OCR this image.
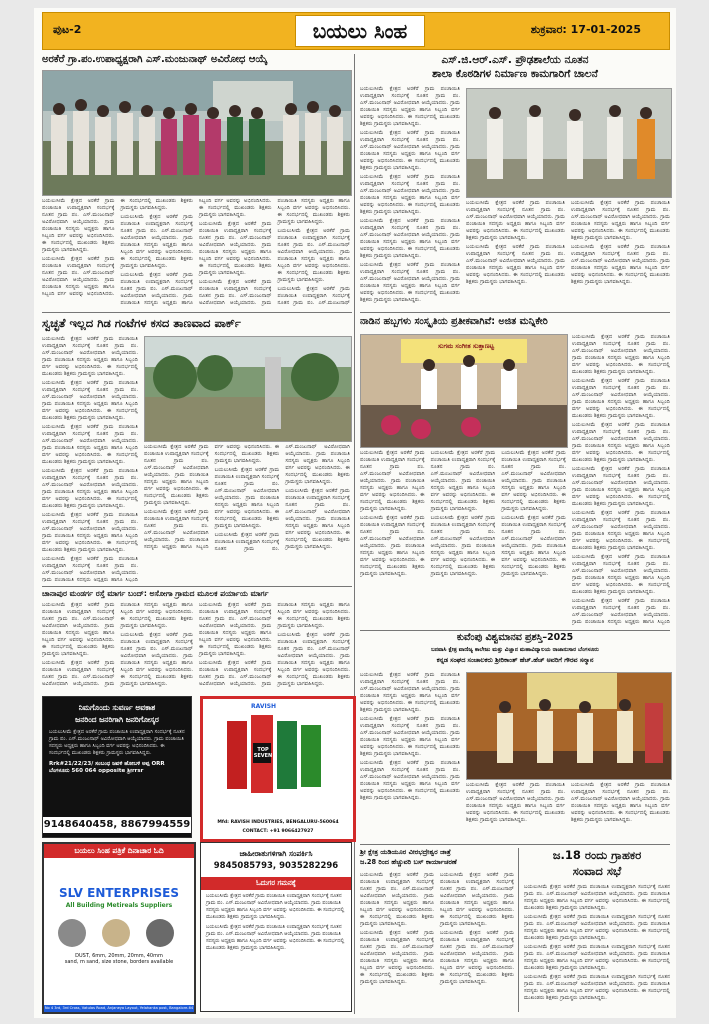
ಪುಟ-2	ಬಯಲು ಸಿಂಹ	ಶುಕ್ರವಾರ: 17-01-2025
ಅರಕೆರೆ ಗ್ರಾ.ಪಂ.ಉಪಾಧ್ಯಕ್ಷರಾಗಿ ಎಸ್.ಮಂಜುನಾಥ್ ಅವಿರೋಧ ಆಯ್ಕೆ

ಬಯಲುಸೀಮೆ ಕ್ಷೇತ್ರದ ಅರಕೆರೆ ಗ್ರಾಮ ಪಂಚಾಯಿತಿ ಉಪಾಧ್ಯಕ್ಷರಾಗಿ ಸಂದರ್ಭಕ್ಕೆ ನೂತನ ಗ್ರಾಮ ಪಂ. ಎಸ್.ಮಂಜುನಾಥ್ ಅವಿರೋಧವಾಗಿ ಆಯ್ಕೆಯಾದರು. ಗ್ರಾಮ ಪಂಚಾಯಿತಿ ಸದಸ್ಯರು ಅಧ್ಯಕ್ಷರು ಹಾಗೂ ಸಿಬ್ಬಂದಿ ವರ್ಗ ಅವರನ್ನು ಅಭಿನಂದಿಸಿದರು. ಈ ಸಂದರ್ಭದಲ್ಲಿ ಮುಖಂಡರು ಶಿಕ್ಷಕರು ಗ್ರಾಮಸ್ಥರು ಭಾಗವಹಿಸಿದ್ದರು.

ಬಯಲುಸೀಮೆ ಕ್ಷೇತ್ರದ ಅರಕೆರೆ ಗ್ರಾಮ ಪಂಚಾಯಿತಿ ಉಪಾಧ್ಯಕ್ಷರಾಗಿ ಸಂದರ್ಭಕ್ಕೆ ನೂತನ ಗ್ರಾಮ ಪಂ. ಎಸ್.ಮಂಜುನಾಥ್ ಅವಿರೋಧವಾಗಿ ಆಯ್ಕೆಯಾದರು. ಗ್ರಾಮ ಪಂಚಾಯಿತಿ ಸದಸ್ಯರು ಅಧ್ಯಕ್ಷರು ಹಾಗೂ ಸಿಬ್ಬಂದಿ ವರ್ಗ ಅವರನ್ನು ಅಭಿನಂದಿಸಿದರು. ಈ ಸಂದರ್ಭದಲ್ಲಿ ಮುಖಂಡರು ಶಿಕ್ಷಕರು ಗ್ರಾಮಸ್ಥರು ಭಾಗವಹಿಸಿದ್ದರು.

ಬಯಲುಸೀಮೆ ಕ್ಷೇತ್ರದ ಅರಕೆರೆ ಗ್ರಾಮ ಪಂಚಾಯಿತಿ ಉಪಾಧ್ಯಕ್ಷರಾಗಿ ಸಂದರ್ಭಕ್ಕೆ ನೂತನ ಗ್ರಾಮ ಪಂ. ಎಸ್.ಮಂಜುನಾಥ್ ಅವಿರೋಧವಾಗಿ ಆಯ್ಕೆಯಾದರು. ಗ್ರಾಮ ಪಂಚಾಯಿತಿ ಸದಸ್ಯರು ಅಧ್ಯಕ್ಷರು ಹಾಗೂ ಸಿಬ್ಬಂದಿ ವರ್ಗ ಅವರನ್ನು ಅಭಿನಂದಿಸಿದರು. ಈ ಸಂದರ್ಭದಲ್ಲಿ ಮುಖಂಡರು ಶಿಕ್ಷಕರು ಗ್ರಾಮಸ್ಥರು ಭಾಗವಹಿಸಿದ್ದರು.

ಬಯಲುಸೀಮೆ ಕ್ಷೇತ್ರದ ಅರಕೆರೆ ಗ್ರಾಮ ಪಂಚಾಯಿತಿ ಉಪಾಧ್ಯಕ್ಷರಾಗಿ ಸಂದರ್ಭಕ್ಕೆ ನೂತನ ಗ್ರಾಮ ಪಂ. ಎಸ್.ಮಂಜುನಾಥ್ ಅವಿರೋಧವಾಗಿ ಆಯ್ಕೆಯಾದರು. ಗ್ರಾಮ ಪಂಚಾಯಿತಿ ಸದಸ್ಯರು ಅಧ್ಯಕ್ಷರು ಹಾಗೂ ಸಿಬ್ಬಂದಿ ವರ್ಗ ಅವರನ್ನು ಅಭಿನಂದಿಸಿದರು. ಈ ಸಂದರ್ಭದಲ್ಲಿ ಮುಖಂಡರು ಶಿಕ್ಷಕರು ಗ್ರಾಮಸ್ಥರು ಭಾಗವಹಿಸಿದ್ದರು.

ಬಯಲುಸೀಮೆ ಕ್ಷೇತ್ರದ ಅರಕೆರೆ ಗ್ರಾಮ ಪಂಚಾಯಿತಿ ಉಪಾಧ್ಯಕ್ಷರಾಗಿ ಸಂದರ್ಭಕ್ಕೆ ನೂತನ ಗ್ರಾಮ ಪಂ. ಎಸ್.ಮಂಜುನಾಥ್ ಅವಿರೋಧವಾಗಿ ಆಯ್ಕೆಯಾದರು. ಗ್ರಾಮ ಪಂಚಾಯಿತಿ ಸದಸ್ಯರು ಅಧ್ಯಕ್ಷರು ಹಾಗೂ ಸಿಬ್ಬಂದಿ ವರ್ಗ ಅವರನ್ನು ಅಭಿನಂದಿಸಿದರು. ಈ ಸಂದರ್ಭದಲ್ಲಿ ಮುಖಂಡರು ಶಿಕ್ಷಕರು ಗ್ರಾಮಸ್ಥರು ಭಾಗವಹಿಸಿದ್ದರು.

ಬಯಲುಸೀಮೆ ಕ್ಷೇತ್ರದ ಅರಕೆರೆ ಗ್ರಾಮ ಪಂಚಾಯಿತಿ ಉಪಾಧ್ಯಕ್ಷರಾಗಿ ಸಂದರ್ಭಕ್ಕೆ ನೂತನ ಗ್ರಾಮ ಪಂ. ಎಸ್.ಮಂಜುನಾಥ್ ಅವಿರೋಧವಾಗಿ ಆಯ್ಕೆಯಾದರು. ಗ್ರಾಮ ಪಂಚಾಯಿತಿ ಸದಸ್ಯರು ಅಧ್ಯಕ್ಷರು ಹಾಗೂ ಸಿಬ್ಬಂದಿ ವರ್ಗ ಅವರನ್ನು ಅಭಿನಂದಿಸಿದರು. ಈ ಸಂದರ್ಭದಲ್ಲಿ ಮುಖಂಡರು ಶಿಕ್ಷಕರು ಗ್ರಾಮಸ್ಥರು ಭಾಗವಹಿಸಿದ್ದರು.

ಬಯಲುಸೀಮೆ ಕ್ಷೇತ್ರದ ಅರಕೆರೆ ಗ್ರಾಮ ಪಂಚಾಯಿತಿ ಉಪಾಧ್ಯಕ್ಷರಾಗಿ ಸಂದರ್ಭಕ್ಕೆ ನೂತನ ಗ್ರಾಮ ಪಂ. ಎಸ್.ಮಂಜುನಾಥ್ ಅವಿರೋಧವಾಗಿ ಆಯ್ಕೆಯಾದರು. ಗ್ರಾಮ ಪಂಚಾಯಿತಿ ಸದಸ್ಯರು ಅಧ್ಯಕ್ಷರು ಹಾಗೂ ಸಿಬ್ಬಂದಿ ವರ್ಗ ಅವರನ್ನು ಅಭಿನಂದಿಸಿದರು. ಈ ಸಂದರ್ಭದಲ್ಲಿ ಮುಖಂಡರು ಶಿಕ್ಷಕರು ಗ್ರಾಮಸ್ಥರು ಭಾಗವಹಿಸಿದ್ದರು.

ಬಯಲುಸೀಮೆ ಕ್ಷೇತ್ರದ ಅರಕೆರೆ ಗ್ರಾಮ ಪಂಚಾಯಿತಿ ಉಪಾಧ್ಯಕ್ಷರಾಗಿ ಸಂದರ್ಭಕ್ಕೆ ನೂತನ ಗ್ರಾಮ ಪಂ. ಎಸ್.ಮಂಜುನಾಥ್

ಸ್ವಚ್ಛತೆ ಇಲ್ಲದ ಗಿಡ ಗಂಟೆಗಳ ಕಸದ ತಾಣವಾದ ಪಾರ್ಕ್

ಬಯಲುಸೀಮೆ ಕ್ಷೇತ್ರದ ಅರಕೆರೆ ಗ್ರಾಮ ಪಂಚಾಯಿತಿ ಉಪಾಧ್ಯಕ್ಷರಾಗಿ ಸಂದರ್ಭಕ್ಕೆ ನೂತನ ಗ್ರಾಮ ಪಂ. ಎಸ್.ಮಂಜುನಾಥ್ ಅವಿರೋಧವಾಗಿ ಆಯ್ಕೆಯಾದರು. ಗ್ರಾಮ ಪಂಚಾಯಿತಿ ಸದಸ್ಯರು ಅಧ್ಯಕ್ಷರು ಹಾಗೂ ಸಿಬ್ಬಂದಿ ವರ್ಗ ಅವರನ್ನು ಅಭಿನಂದಿಸಿದರು. ಈ ಸಂದರ್ಭದಲ್ಲಿ ಮುಖಂಡರು ಶಿಕ್ಷಕರು ಗ್ರಾಮಸ್ಥರು ಭಾಗವಹಿಸಿದ್ದರು.

ಬಯಲುಸೀಮೆ ಕ್ಷೇತ್ರದ ಅರಕೆರೆ ಗ್ರಾಮ ಪಂಚಾಯಿತಿ ಉಪಾಧ್ಯಕ್ಷರಾಗಿ ಸಂದರ್ಭಕ್ಕೆ ನೂತನ ಗ್ರಾಮ ಪಂ. ಎಸ್.ಮಂಜುನಾಥ್ ಅವಿರೋಧವಾಗಿ ಆಯ್ಕೆಯಾದರು. ಗ್ರಾಮ ಪಂಚಾಯಿತಿ ಸದಸ್ಯರು ಅಧ್ಯಕ್ಷರು ಹಾಗೂ ಸಿಬ್ಬಂದಿ ವರ್ಗ ಅವರನ್ನು ಅಭಿನಂದಿಸಿದರು. ಈ ಸಂದರ್ಭದಲ್ಲಿ ಮುಖಂಡರು ಶಿಕ್ಷಕರು ಗ್ರಾಮಸ್ಥರು ಭಾಗವಹಿಸಿದ್ದರು.

ಬಯಲುಸೀಮೆ ಕ್ಷೇತ್ರದ ಅರಕೆರೆ ಗ್ರಾಮ ಪಂಚಾಯಿತಿ ಉಪಾಧ್ಯಕ್ಷರಾಗಿ ಸಂದರ್ಭಕ್ಕೆ ನೂತನ ಗ್ರಾಮ ಪಂ. ಎಸ್.ಮಂಜುನಾಥ್ ಅವಿರೋಧವಾಗಿ ಆಯ್ಕೆಯಾದರು. ಗ್ರಾಮ ಪಂಚಾಯಿತಿ ಸದಸ್ಯರು ಅಧ್ಯಕ್ಷರು ಹಾಗೂ ಸಿಬ್ಬಂದಿ ವರ್ಗ ಅವರನ್ನು ಅಭಿನಂದಿಸಿದರು. ಈ ಸಂದರ್ಭದಲ್ಲಿ ಮುಖಂಡರು ಶಿಕ್ಷಕರು ಗ್ರಾಮಸ್ಥರು ಭಾಗವಹಿಸಿದ್ದರು.

ಬಯಲುಸೀಮೆ ಕ್ಷೇತ್ರದ ಅರಕೆರೆ ಗ್ರಾಮ ಪಂಚಾಯಿತಿ ಉಪಾಧ್ಯಕ್ಷರಾಗಿ ಸಂದರ್ಭಕ್ಕೆ ನೂತನ ಗ್ರಾಮ ಪಂ. ಎಸ್.ಮಂಜುನಾಥ್ ಅವಿರೋಧವಾಗಿ ಆಯ್ಕೆಯಾದರು. ಗ್ರಾಮ ಪಂಚಾಯಿತಿ ಸದಸ್ಯರು ಅಧ್ಯಕ್ಷರು ಹಾಗೂ ಸಿಬ್ಬಂದಿ ವರ್ಗ ಅವರನ್ನು ಅಭಿನಂದಿಸಿದರು. ಈ ಸಂದರ್ಭದಲ್ಲಿ ಮುಖಂಡರು ಶಿಕ್ಷಕರು ಗ್ರಾಮಸ್ಥರು ಭಾಗವಹಿಸಿದ್ದರು.

ಬಯಲುಸೀಮೆ ಕ್ಷೇತ್ರದ ಅರಕೆರೆ ಗ್ರಾಮ ಪಂಚಾಯಿತಿ ಉಪಾಧ್ಯಕ್ಷರಾಗಿ ಸಂದರ್ಭಕ್ಕೆ ನೂತನ ಗ್ರಾಮ ಪಂ. ಎಸ್.ಮಂಜುನಾಥ್ ಅವಿರೋಧವಾಗಿ ಆಯ್ಕೆಯಾದರು. ಗ್ರಾಮ ಪಂಚಾಯಿತಿ ಸದಸ್ಯರು ಅಧ್ಯಕ್ಷರು ಹಾಗೂ ಸಿಬ್ಬಂದಿ ವರ್ಗ ಅವರನ್ನು ಅಭಿನಂದಿಸಿದರು. ಈ ಸಂದರ್ಭದಲ್ಲಿ ಮುಖಂಡರು ಶಿಕ್ಷಕರು ಗ್ರಾಮಸ್ಥರು ಭಾಗವಹಿಸಿದ್ದರು.

ಬಯಲುಸೀಮೆ ಕ್ಷೇತ್ರದ ಅರಕೆರೆ ಗ್ರಾಮ ಪಂಚಾಯಿತಿ ಉಪಾಧ್ಯಕ್ಷರಾಗಿ ಸಂದರ್ಭಕ್ಕೆ ನೂತನ ಗ್ರಾಮ ಪಂ. ಎಸ್.ಮಂಜುನಾಥ್ ಅವಿರೋಧವಾಗಿ ಆಯ್ಕೆಯಾದರು. ಗ್ರಾಮ ಪಂಚಾಯಿತಿ ಸದಸ್ಯರು ಅಧ್ಯಕ್ಷರು ಹಾಗೂ ಸಿಬ್ಬಂದಿ

ಬಯಲುಸೀಮೆ ಕ್ಷೇತ್ರದ ಅರಕೆರೆ ಗ್ರಾಮ ಪಂಚಾಯಿತಿ ಉಪಾಧ್ಯಕ್ಷರಾಗಿ ಸಂದರ್ಭಕ್ಕೆ ನೂತನ ಗ್ರಾಮ ಪಂ. ಎಸ್.ಮಂಜುನಾಥ್ ಅವಿರೋಧವಾಗಿ ಆಯ್ಕೆಯಾದರು. ಗ್ರಾಮ ಪಂಚಾಯಿತಿ ಸದಸ್ಯರು ಅಧ್ಯಕ್ಷರು ಹಾಗೂ ಸಿಬ್ಬಂದಿ ವರ್ಗ ಅವರನ್ನು ಅಭಿನಂದಿಸಿದರು. ಈ ಸಂದರ್ಭದಲ್ಲಿ ಮುಖಂಡರು ಶಿಕ್ಷಕರು ಗ್ರಾಮಸ್ಥರು ಭಾಗವಹಿಸಿದ್ದರು.

ಬಯಲುಸೀಮೆ ಕ್ಷೇತ್ರದ ಅರಕೆರೆ ಗ್ರಾಮ ಪಂಚಾಯಿತಿ ಉಪಾಧ್ಯಕ್ಷರಾಗಿ ಸಂದರ್ಭಕ್ಕೆ ನೂತನ ಗ್ರಾಮ ಪಂ. ಎಸ್.ಮಂಜುನಾಥ್ ಅವಿರೋಧವಾಗಿ ಆಯ್ಕೆಯಾದರು. ಗ್ರಾಮ ಪಂಚಾಯಿತಿ ಸದಸ್ಯರು ಅಧ್ಯಕ್ಷರು ಹಾಗೂ ಸಿಬ್ಬಂದಿ ವರ್ಗ ಅವರನ್ನು ಅಭಿನಂದಿಸಿದರು. ಈ ಸಂದರ್ಭದಲ್ಲಿ ಮುಖಂಡರು ಶಿಕ್ಷಕರು ಗ್ರಾಮಸ್ಥರು ಭಾಗವಹಿಸಿದ್ದರು.

ಬಯಲುಸೀಮೆ ಕ್ಷೇತ್ರದ ಅರಕೆರೆ ಗ್ರಾಮ ಪಂಚಾಯಿತಿ ಉಪಾಧ್ಯಕ್ಷರಾಗಿ ಸಂದರ್ಭಕ್ಕೆ ನೂತನ ಗ್ರಾಮ ಪಂ. ಎಸ್.ಮಂಜುನಾಥ್ ಅವಿರೋಧವಾಗಿ ಆಯ್ಕೆಯಾದರು. ಗ್ರಾಮ ಪಂಚಾಯಿತಿ ಸದಸ್ಯರು ಅಧ್ಯಕ್ಷರು ಹಾಗೂ ಸಿಬ್ಬಂದಿ ವರ್ಗ ಅವರನ್ನು ಅಭಿನಂದಿಸಿದರು. ಈ ಸಂದರ್ಭದಲ್ಲಿ ಮುಖಂಡರು ಶಿಕ್ಷಕರು ಗ್ರಾಮಸ್ಥರು ಭಾಗವಹಿಸಿದ್ದರು.

ಬಯಲುಸೀಮೆ ಕ್ಷೇತ್ರದ ಅರಕೆರೆ ಗ್ರಾಮ ಪಂಚಾಯಿತಿ ಉಪಾಧ್ಯಕ್ಷರಾಗಿ ಸಂದರ್ಭಕ್ಕೆ ನೂತನ ಗ್ರಾಮ ಪಂ. ಎಸ್.ಮಂಜುನಾಥ್ ಅವಿರೋಧವಾಗಿ ಆಯ್ಕೆಯಾದರು. ಗ್ರಾಮ ಪಂಚಾಯಿತಿ ಸದಸ್ಯರು ಅಧ್ಯಕ್ಷರು ಹಾಗೂ ಸಿಬ್ಬಂದಿ ವರ್ಗ ಅವರನ್ನು ಅಭಿನಂದಿಸಿದರು. ಈ ಸಂದರ್ಭದಲ್ಲಿ ಮುಖಂಡರು ಶಿಕ್ಷಕರು ಗ್ರಾಮಸ್ಥರು ಭಾಗವಹಿಸಿದ್ದರು.

ಬಯಲುಸೀಮೆ ಕ್ಷೇತ್ರದ ಅರಕೆರೆ ಗ್ರಾಮ ಪಂಚಾಯಿತಿ ಉಪಾಧ್ಯಕ್ಷರಾಗಿ ಸಂದರ್ಭಕ್ಕೆ ನೂತನ ಗ್ರಾಮ ಪಂ. ಎಸ್.ಮಂಜುನಾಥ್ ಅವಿರೋಧವಾಗಿ ಆಯ್ಕೆಯಾದರು. ಗ್ರಾಮ ಪಂಚಾಯಿತಿ ಸದಸ್ಯರು ಅಧ್ಯಕ್ಷರು ಹಾಗೂ ಸಿಬ್ಬಂದಿ ವರ್ಗ ಅವರನ್ನು ಅಭಿನಂದಿಸಿದರು. ಈ ಸಂದರ್ಭದಲ್ಲಿ ಮುಖಂಡರು ಶಿಕ್ಷಕರು ಗ್ರಾಮಸ್ಥರು ಭಾಗವಹಿಸಿದ್ದರು.

ಚಾನಾಪುರ ಮಂಡರ್ಗ ರಸ್ತೆ ಮಾರ್ಗ ಬಂದ್: ಅಸೋಗಾ ಗ್ರಾಮದ ಮೂಲಕ ಪರ್ಯಾಯ ಮಾರ್ಗ

ಬಯಲುಸೀಮೆ ಕ್ಷೇತ್ರದ ಅರಕೆರೆ ಗ್ರಾಮ ಪಂಚಾಯಿತಿ ಉಪಾಧ್ಯಕ್ಷರಾಗಿ ಸಂದರ್ಭಕ್ಕೆ ನೂತನ ಗ್ರಾಮ ಪಂ. ಎಸ್.ಮಂಜುನಾಥ್ ಅವಿರೋಧವಾಗಿ ಆಯ್ಕೆಯಾದರು. ಗ್ರಾಮ ಪಂಚಾಯಿತಿ ಸದಸ್ಯರು ಅಧ್ಯಕ್ಷರು ಹಾಗೂ ಸಿಬ್ಬಂದಿ ವರ್ಗ ಅವರನ್ನು ಅಭಿನಂದಿಸಿದರು. ಈ ಸಂದರ್ಭದಲ್ಲಿ ಮುಖಂಡರು ಶಿಕ್ಷಕರು ಗ್ರಾಮಸ್ಥರು ಭಾಗವಹಿಸಿದ್ದರು.

ಬಯಲುಸೀಮೆ ಕ್ಷೇತ್ರದ ಅರಕೆರೆ ಗ್ರಾಮ ಪಂಚಾಯಿತಿ ಉಪಾಧ್ಯಕ್ಷರಾಗಿ ಸಂದರ್ಭಕ್ಕೆ ನೂತನ ಗ್ರಾಮ ಪಂ. ಎಸ್.ಮಂಜುನಾಥ್ ಅವಿರೋಧವಾಗಿ ಆಯ್ಕೆಯಾದರು. ಗ್ರಾಮ ಪಂಚಾಯಿತಿ ಸದಸ್ಯರು ಅಧ್ಯಕ್ಷರು ಹಾಗೂ ಸಿಬ್ಬಂದಿ ವರ್ಗ ಅವರನ್ನು ಅಭಿನಂದಿಸಿದರು. ಈ ಸಂದರ್ಭದಲ್ಲಿ ಮುಖಂಡರು ಶಿಕ್ಷಕರು ಗ್ರಾಮಸ್ಥರು ಭಾಗವಹಿಸಿದ್ದರು.

ಬಯಲುಸೀಮೆ ಕ್ಷೇತ್ರದ ಅರಕೆರೆ ಗ್ರಾಮ ಪಂಚಾಯಿತಿ ಉಪಾಧ್ಯಕ್ಷರಾಗಿ ಸಂದರ್ಭಕ್ಕೆ ನೂತನ ಗ್ರಾಮ ಪಂ. ಎಸ್.ಮಂಜುನಾಥ್ ಅವಿರೋಧವಾಗಿ ಆಯ್ಕೆಯಾದರು. ಗ್ರಾಮ ಪಂಚಾಯಿತಿ ಸದಸ್ಯರು ಅಧ್ಯಕ್ಷರು ಹಾಗೂ ಸಿಬ್ಬಂದಿ ವರ್ಗ ಅವರನ್ನು ಅಭಿನಂದಿಸಿದರು. ಈ ಸಂದರ್ಭದಲ್ಲಿ ಮುಖಂಡರು ಶಿಕ್ಷಕರು ಗ್ರಾಮಸ್ಥರು ಭಾಗವಹಿಸಿದ್ದರು.

ಬಯಲುಸೀಮೆ ಕ್ಷೇತ್ರದ ಅರಕೆರೆ ಗ್ರಾಮ ಪಂಚಾಯಿತಿ ಉಪಾಧ್ಯಕ್ಷರಾಗಿ ಸಂದರ್ಭಕ್ಕೆ ನೂತನ ಗ್ರಾಮ ಪಂ. ಎಸ್.ಮಂಜುನಾಥ್ ಅವಿರೋಧವಾಗಿ ಆಯ್ಕೆಯಾದರು. ಗ್ರಾಮ ಪಂಚಾಯಿತಿ ಸದಸ್ಯರು ಅಧ್ಯಕ್ಷರು ಹಾಗೂ ಸಿಬ್ಬಂದಿ ವರ್ಗ ಅವರನ್ನು ಅಭಿನಂದಿಸಿದರು. ಈ ಸಂದರ್ಭದಲ್ಲಿ ಮುಖಂಡರು ಶಿಕ್ಷಕರು ಗ್ರಾಮಸ್ಥರು ಭಾಗವಹಿಸಿದ್ದರು.

ಬಯಲುಸೀಮೆ ಕ್ಷೇತ್ರದ ಅರಕೆರೆ ಗ್ರಾಮ ಪಂಚಾಯಿತಿ ಉಪಾಧ್ಯಕ್ಷರಾಗಿ ಸಂದರ್ಭಕ್ಕೆ ನೂತನ ಗ್ರಾಮ ಪಂ. ಎಸ್.ಮಂಜುನಾಥ್ ಅವಿರೋಧವಾಗಿ ಆಯ್ಕೆಯಾದರು. ಗ್ರಾಮ ಪಂಚಾಯಿತಿ ಸದಸ್ಯರು ಅಧ್ಯಕ್ಷರು ಹಾಗೂ ಸಿಬ್ಬಂದಿ ವರ್ಗ ಅವರನ್ನು ಅಭಿನಂದಿಸಿದರು. ಈ ಸಂದರ್ಭದಲ್ಲಿ ಮುಖಂಡರು ಶಿಕ್ಷಕರು ಗ್ರಾಮಸ್ಥರು ಭಾಗವಹಿಸಿದ್ದರು.

ಬಯಲುಸೀಮೆ ಕ್ಷೇತ್ರದ ಅರಕೆರೆ ಗ್ರಾಮ ಪಂಚಾಯಿತಿ ಉಪಾಧ್ಯಕ್ಷರಾಗಿ ಸಂದರ್ಭಕ್ಕೆ ನೂತನ ಗ್ರಾಮ ಪಂ. ಎಸ್.ಮಂಜುನಾಥ್ ಅವಿರೋಧವಾಗಿ ಆಯ್ಕೆಯಾದರು. ಗ್ರಾಮ ಪಂಚಾಯಿತಿ ಸದಸ್ಯರು ಅಧ್ಯಕ್ಷರು ಹಾಗೂ ಸಿಬ್ಬಂದಿ ವರ್ಗ ಅವರನ್ನು ಅಭಿನಂದಿಸಿದರು. ಈ ಸಂದರ್ಭದಲ್ಲಿ ಮುಖಂಡರು ಶಿಕ್ಷಕರು ಗ್ರಾಮಸ್ಥರು ಭಾಗವಹಿಸಿದ್ದರು.

ನಿಮಗೊಂದು ಸುವರ್ಣ ಅವಕಾಶ
ಜನರಿಂದ ಜನರಿಗಾಗಿ ಜನರಿಗೋಸ್ಕರ
ಬಯಲುಸೀಮೆ ಕ್ಷೇತ್ರದ ಅರಕೆರೆ ಗ್ರಾಮ ಪಂಚಾಯಿತಿ ಉಪಾಧ್ಯಕ್ಷರಾಗಿ ಸಂದರ್ಭಕ್ಕೆ ನೂತನ ಗ್ರಾಮ ಪಂ. ಎಸ್.ಮಂಜುನಾಥ್ ಅವಿರೋಧವಾಗಿ ಆಯ್ಕೆಯಾದರು. ಗ್ರಾಮ ಪಂಚಾಯಿತಿ ಸದಸ್ಯರು ಅಧ್ಯಕ್ಷರು ಹಾಗೂ ಸಿಬ್ಬಂದಿ ವರ್ಗ ಅವರನ್ನು ಅಭಿನಂದಿಸಿದರು. ಈ ಸಂದರ್ಭದಲ್ಲಿ ಮುಖಂಡರು ಶಿಕ್ಷಕರು ಗ್ರಾಮಸ್ಥರು ಭಾಗವಹಿಸಿದ್ದರು.
Rrk#21/22/23/ ಸಂಬಂಧ ಜವಳಿ ಹೋಬಳಿ ಅಪ್ಪ ORR
ಬೆಂಗಳೂರು 560 064 opposite ಶ್ರೀrrsr
9148640458, 8867994559
RAVISH
TOP SEVEN
Mfd: RAVISH INDUSTRIES, BENGALURU-560064
CONTACT: +91 9066427927
ಬಯಲು ಸಿಂಹ ಪತ್ರಿಕೆ ದಿನಾಚಾರ ಓದಿ
SLV ENTERPRISES
All Building Metireals Suppliers
DUST, 6mm, 20mm, 20mm, 40mm
sand, m sand, size stone, borders available
No 4 3rd, 3rd Cross, Vatulas Road, Anjaneya Layout, Yelahanka post, Bangalore-64
ಜಾಹೀರಾತುಗಳಿಗಾಗಿ ಸಂಪರ್ಕಿಸಿ
9845085793, 9035282296
ಓದುಗರ ಗಮನಕ್ಕೆ
ಬಯಲುಸೀಮೆ ಕ್ಷೇತ್ರದ ಅರಕೆರೆ ಗ್ರಾಮ ಪಂಚಾಯಿತಿ ಉಪಾಧ್ಯಕ್ಷರಾಗಿ ಸಂದರ್ಭಕ್ಕೆ ನೂತನ ಗ್ರಾಮ ಪಂ. ಎಸ್.ಮಂಜುನಾಥ್ ಅವಿರೋಧವಾಗಿ ಆಯ್ಕೆಯಾದರು. ಗ್ರಾಮ ಪಂಚಾಯಿತಿ ಸದಸ್ಯರು ಅಧ್ಯಕ್ಷರು ಹಾಗೂ ಸಿಬ್ಬಂದಿ ವರ್ಗ ಅವರನ್ನು ಅಭಿನಂದಿಸಿದರು. ಈ ಸಂದರ್ಭದಲ್ಲಿ ಮುಖಂಡರು ಶಿಕ್ಷಕರು ಗ್ರಾಮಸ್ಥರು ಭಾಗವಹಿಸಿದ್ದರು.
ಬಯಲುಸೀಮೆ ಕ್ಷೇತ್ರದ ಅರಕೆರೆ ಗ್ರಾಮ ಪಂಚಾಯಿತಿ ಉಪಾಧ್ಯಕ್ಷರಾಗಿ ಸಂದರ್ಭಕ್ಕೆ ನೂತನ ಗ್ರಾಮ ಪಂ. ಎಸ್.ಮಂಜುನಾಥ್ ಅವಿರೋಧವಾಗಿ ಆಯ್ಕೆಯಾದರು. ಗ್ರಾಮ ಪಂಚಾಯಿತಿ ಸದಸ್ಯರು ಅಧ್ಯಕ್ಷರು ಹಾಗೂ ಸಿಬ್ಬಂದಿ ವರ್ಗ ಅವರನ್ನು ಅಭಿನಂದಿಸಿದರು. ಈ ಸಂದರ್ಭದಲ್ಲಿ ಮುಖಂಡರು ಶಿಕ್ಷಕರು ಗ್ರಾಮಸ್ಥರು ಭಾಗವಹಿಸಿದ್ದರು.
ಎಸ್.ಜಿ.ಆರ್.ಎಸ್. ಪ್ರೌಢಶಾಲೆಯ ನೂತನ
ಶಾಲಾ ಕೊಠಡಿಗಳ ನಿರ್ಮಾಣ ಕಾಮಗಾರಿಗೆ ಚಾಲನೆ

ಬಯಲುಸೀಮೆ ಕ್ಷೇತ್ರದ ಅರಕೆರೆ ಗ್ರಾಮ ಪಂಚಾಯಿತಿ ಉಪಾಧ್ಯಕ್ಷರಾಗಿ ಸಂದರ್ಭಕ್ಕೆ ನೂತನ ಗ್ರಾಮ ಪಂ. ಎಸ್.ಮಂಜುನಾಥ್ ಅವಿರೋಧವಾಗಿ ಆಯ್ಕೆಯಾದರು. ಗ್ರಾಮ ಪಂಚಾಯಿತಿ ಸದಸ್ಯರು ಅಧ್ಯಕ್ಷರು ಹಾಗೂ ಸಿಬ್ಬಂದಿ ವರ್ಗ ಅವರನ್ನು ಅಭಿನಂದಿಸಿದರು. ಈ ಸಂದರ್ಭದಲ್ಲಿ ಮುಖಂಡರು ಶಿಕ್ಷಕರು ಗ್ರಾಮಸ್ಥರು ಭಾಗವಹಿಸಿದ್ದರು.

ಬಯಲುಸೀಮೆ ಕ್ಷೇತ್ರದ ಅರಕೆರೆ ಗ್ರಾಮ ಪಂಚಾಯಿತಿ ಉಪಾಧ್ಯಕ್ಷರಾಗಿ ಸಂದರ್ಭಕ್ಕೆ ನೂತನ ಗ್ರಾಮ ಪಂ. ಎಸ್.ಮಂಜುನಾಥ್ ಅವಿರೋಧವಾಗಿ ಆಯ್ಕೆಯಾದರು. ಗ್ರಾಮ ಪಂಚಾಯಿತಿ ಸದಸ್ಯರು ಅಧ್ಯಕ್ಷರು ಹಾಗೂ ಸಿಬ್ಬಂದಿ ವರ್ಗ ಅವರನ್ನು ಅಭಿನಂದಿಸಿದರು. ಈ ಸಂದರ್ಭದಲ್ಲಿ ಮುಖಂಡರು ಶಿಕ್ಷಕರು ಗ್ರಾಮಸ್ಥರು ಭಾಗವಹಿಸಿದ್ದರು.

ಬಯಲುಸೀಮೆ ಕ್ಷೇತ್ರದ ಅರಕೆರೆ ಗ್ರಾಮ ಪಂಚಾಯಿತಿ ಉಪಾಧ್ಯಕ್ಷರಾಗಿ ಸಂದರ್ಭಕ್ಕೆ ನೂತನ ಗ್ರಾಮ ಪಂ. ಎಸ್.ಮಂಜುನಾಥ್ ಅವಿರೋಧವಾಗಿ ಆಯ್ಕೆಯಾದರು. ಗ್ರಾಮ ಪಂಚಾಯಿತಿ ಸದಸ್ಯರು ಅಧ್ಯಕ್ಷರು ಹಾಗೂ ಸಿಬ್ಬಂದಿ ವರ್ಗ ಅವರನ್ನು ಅಭಿನಂದಿಸಿದರು. ಈ ಸಂದರ್ಭದಲ್ಲಿ ಮುಖಂಡರು ಶಿಕ್ಷಕರು ಗ್ರಾಮಸ್ಥರು ಭಾಗವಹಿಸಿದ್ದರು.

ಬಯಲುಸೀಮೆ ಕ್ಷೇತ್ರದ ಅರಕೆರೆ ಗ್ರಾಮ ಪಂಚಾಯಿತಿ ಉಪಾಧ್ಯಕ್ಷರಾಗಿ ಸಂದರ್ಭಕ್ಕೆ ನೂತನ ಗ್ರಾಮ ಪಂ. ಎಸ್.ಮಂಜುನಾಥ್ ಅವಿರೋಧವಾಗಿ ಆಯ್ಕೆಯಾದರು. ಗ್ರಾಮ ಪಂಚಾಯಿತಿ ಸದಸ್ಯರು ಅಧ್ಯಕ್ಷರು ಹಾಗೂ ಸಿಬ್ಬಂದಿ ವರ್ಗ ಅವರನ್ನು ಅಭಿನಂದಿಸಿದರು. ಈ ಸಂದರ್ಭದಲ್ಲಿ ಮುಖಂಡರು ಶಿಕ್ಷಕರು ಗ್ರಾಮಸ್ಥರು ಭಾಗವಹಿಸಿದ್ದರು.

ಬಯಲುಸೀಮೆ ಕ್ಷೇತ್ರದ ಅರಕೆರೆ ಗ್ರಾಮ ಪಂಚಾಯಿತಿ ಉಪಾಧ್ಯಕ್ಷರಾಗಿ ಸಂದರ್ಭಕ್ಕೆ ನೂತನ ಗ್ರಾಮ ಪಂ. ಎಸ್.ಮಂಜುನಾಥ್ ಅವಿರೋಧವಾಗಿ ಆಯ್ಕೆಯಾದರು. ಗ್ರಾಮ ಪಂಚಾಯಿತಿ ಸದಸ್ಯರು ಅಧ್ಯಕ್ಷರು ಹಾಗೂ ಸಿಬ್ಬಂದಿ ವರ್ಗ ಅವರನ್ನು ಅಭಿನಂದಿಸಿದರು. ಈ ಸಂದರ್ಭದಲ್ಲಿ ಮುಖಂಡರು ಶಿಕ್ಷಕರು ಗ್ರಾಮಸ್ಥರು ಭಾಗವಹಿಸಿದ್ದರು.

ಬಯಲುಸೀಮೆ ಕ್ಷೇತ್ರದ ಅರಕೆರೆ ಗ್ರಾಮ ಪಂಚಾಯಿತಿ ಉಪಾಧ್ಯಕ್ಷರಾಗಿ ಸಂದರ್ಭಕ್ಕೆ ನೂತನ ಗ್ರಾಮ ಪಂ. ಎಸ್.ಮಂಜುನಾಥ್ ಅವಿರೋಧವಾಗಿ ಆಯ್ಕೆಯಾದರು. ಗ್ರಾಮ ಪಂಚಾಯಿತಿ ಸದಸ್ಯರು ಅಧ್ಯಕ್ಷರು ಹಾಗೂ ಸಿಬ್ಬಂದಿ ವರ್ಗ ಅವರನ್ನು ಅಭಿನಂದಿಸಿದರು. ಈ ಸಂದರ್ಭದಲ್ಲಿ ಮುಖಂಡರು ಶಿಕ್ಷಕರು ಗ್ರಾಮಸ್ಥರು ಭಾಗವಹಿಸಿದ್ದರು.

ಬಯಲುಸೀಮೆ ಕ್ಷೇತ್ರದ ಅರಕೆರೆ ಗ್ರಾಮ ಪಂಚಾಯಿತಿ ಉಪಾಧ್ಯಕ್ಷರಾಗಿ ಸಂದರ್ಭಕ್ಕೆ ನೂತನ ಗ್ರಾಮ ಪಂ. ಎಸ್.ಮಂಜುನಾಥ್ ಅವಿರೋಧವಾಗಿ ಆಯ್ಕೆಯಾದರು. ಗ್ರಾಮ ಪಂಚಾಯಿತಿ ಸದಸ್ಯರು ಅಧ್ಯಕ್ಷರು ಹಾಗೂ ಸಿಬ್ಬಂದಿ ವರ್ಗ ಅವರನ್ನು ಅಭಿನಂದಿಸಿದರು. ಈ ಸಂದರ್ಭದಲ್ಲಿ ಮುಖಂಡರು ಶಿಕ್ಷಕರು ಗ್ರಾಮಸ್ಥರು ಭಾಗವಹಿಸಿದ್ದರು.

ಬಯಲುಸೀಮೆ ಕ್ಷೇತ್ರದ ಅರಕೆರೆ ಗ್ರಾಮ ಪಂಚಾಯಿತಿ ಉಪಾಧ್ಯಕ್ಷರಾಗಿ ಸಂದರ್ಭಕ್ಕೆ ನೂತನ ಗ್ರಾಮ ಪಂ. ಎಸ್.ಮಂಜುನಾಥ್ ಅವಿರೋಧವಾಗಿ ಆಯ್ಕೆಯಾದರು. ಗ್ರಾಮ ಪಂಚಾಯಿತಿ ಸದಸ್ಯರು ಅಧ್ಯಕ್ಷರು ಹಾಗೂ ಸಿಬ್ಬಂದಿ ವರ್ಗ ಅವರನ್ನು ಅಭಿನಂದಿಸಿದರು. ಈ ಸಂದರ್ಭದಲ್ಲಿ ಮುಖಂಡರು ಶಿಕ್ಷಕರು ಗ್ರಾಮಸ್ಥರು ಭಾಗವಹಿಸಿದ್ದರು.

ಬಯಲುಸೀಮೆ ಕ್ಷೇತ್ರದ ಅರಕೆರೆ ಗ್ರಾಮ ಪಂಚಾಯಿತಿ ಉಪಾಧ್ಯಕ್ಷರಾಗಿ ಸಂದರ್ಭಕ್ಕೆ ನೂತನ ಗ್ರಾಮ ಪಂ. ಎಸ್.ಮಂಜುನಾಥ್ ಅವಿರೋಧವಾಗಿ ಆಯ್ಕೆಯಾದರು. ಗ್ರಾಮ ಪಂಚಾಯಿತಿ ಸದಸ್ಯರು ಅಧ್ಯಕ್ಷರು ಹಾಗೂ ಸಿಬ್ಬಂದಿ ವರ್ಗ ಅವರನ್ನು ಅಭಿನಂದಿಸಿದರು. ಈ ಸಂದರ್ಭದಲ್ಲಿ ಮುಖಂಡರು ಶಿಕ್ಷಕರು ಗ್ರಾಮಸ್ಥರು ಭಾಗವಹಿಸಿದ್ದರು.

ನಾಡಿನ ಹಬ್ಬಗಳು ಸಂಸ್ಕೃತಿಯ ಪ್ರತೀಕವಾಗಿವೆ: ಅಜಿತ ಮನ್ನಿಕೇರಿ
ಸುಗಮ ಸಂಗೀತ ಸುತ್ತಾಣಟ್ಟ

ಬಯಲುಸೀಮೆ ಕ್ಷೇತ್ರದ ಅರಕೆರೆ ಗ್ರಾಮ ಪಂಚಾಯಿತಿ ಉಪಾಧ್ಯಕ್ಷರಾಗಿ ಸಂದರ್ಭಕ್ಕೆ ನೂತನ ಗ್ರಾಮ ಪಂ. ಎಸ್.ಮಂಜುನಾಥ್ ಅವಿರೋಧವಾಗಿ ಆಯ್ಕೆಯಾದರು. ಗ್ರಾಮ ಪಂಚಾಯಿತಿ ಸದಸ್ಯರು ಅಧ್ಯಕ್ಷರು ಹಾಗೂ ಸಿಬ್ಬಂದಿ ವರ್ಗ ಅವರನ್ನು ಅಭಿನಂದಿಸಿದರು. ಈ ಸಂದರ್ಭದಲ್ಲಿ ಮುಖಂಡರು ಶಿಕ್ಷಕರು ಗ್ರಾಮಸ್ಥರು ಭಾಗವಹಿಸಿದ್ದರು.

ಬಯಲುಸೀಮೆ ಕ್ಷೇತ್ರದ ಅರಕೆರೆ ಗ್ರಾಮ ಪಂಚಾಯಿತಿ ಉಪಾಧ್ಯಕ್ಷರಾಗಿ ಸಂದರ್ಭಕ್ಕೆ ನೂತನ ಗ್ರಾಮ ಪಂ. ಎಸ್.ಮಂಜುನಾಥ್ ಅವಿರೋಧವಾಗಿ ಆಯ್ಕೆಯಾದರು. ಗ್ರಾಮ ಪಂಚಾಯಿತಿ ಸದಸ್ಯರು ಅಧ್ಯಕ್ಷರು ಹಾಗೂ ಸಿಬ್ಬಂದಿ ವರ್ಗ ಅವರನ್ನು ಅಭಿನಂದಿಸಿದರು. ಈ ಸಂದರ್ಭದಲ್ಲಿ ಮುಖಂಡರು ಶಿಕ್ಷಕರು ಗ್ರಾಮಸ್ಥರು ಭಾಗವಹಿಸಿದ್ದರು.

ಬಯಲುಸೀಮೆ ಕ್ಷೇತ್ರದ ಅರಕೆರೆ ಗ್ರಾಮ ಪಂಚಾಯಿತಿ ಉಪಾಧ್ಯಕ್ಷರಾಗಿ ಸಂದರ್ಭಕ್ಕೆ ನೂತನ ಗ್ರಾಮ ಪಂ. ಎಸ್.ಮಂಜುನಾಥ್ ಅವಿರೋಧವಾಗಿ ಆಯ್ಕೆಯಾದರು. ಗ್ರಾಮ ಪಂಚಾಯಿತಿ ಸದಸ್ಯರು ಅಧ್ಯಕ್ಷರು ಹಾಗೂ ಸಿಬ್ಬಂದಿ ವರ್ಗ ಅವರನ್ನು ಅಭಿನಂದಿಸಿದರು. ಈ ಸಂದರ್ಭದಲ್ಲಿ ಮುಖಂಡರು ಶಿಕ್ಷಕರು ಗ್ರಾಮಸ್ಥರು ಭಾಗವಹಿಸಿದ್ದರು.

ಬಯಲುಸೀಮೆ ಕ್ಷೇತ್ರದ ಅರಕೆರೆ ಗ್ರಾಮ ಪಂಚಾಯಿತಿ ಉಪಾಧ್ಯಕ್ಷರಾಗಿ ಸಂದರ್ಭಕ್ಕೆ ನೂತನ ಗ್ರಾಮ ಪಂ. ಎಸ್.ಮಂಜುನಾಥ್ ಅವಿರೋಧವಾಗಿ ಆಯ್ಕೆಯಾದರು. ಗ್ರಾಮ ಪಂಚಾಯಿತಿ ಸದಸ್ಯರು ಅಧ್ಯಕ್ಷರು ಹಾಗೂ ಸಿಬ್ಬಂದಿ ವರ್ಗ ಅವರನ್ನು ಅಭಿನಂದಿಸಿದರು. ಈ ಸಂದರ್ಭದಲ್ಲಿ ಮುಖಂಡರು ಶಿಕ್ಷಕರು ಗ್ರಾಮಸ್ಥರು ಭಾಗವಹಿಸಿದ್ದರು.

ಬಯಲುಸೀಮೆ ಕ್ಷೇತ್ರದ ಅರಕೆರೆ ಗ್ರಾಮ ಪಂಚಾಯಿತಿ ಉಪಾಧ್ಯಕ್ಷರಾಗಿ ಸಂದರ್ಭಕ್ಕೆ ನೂತನ ಗ್ರಾಮ ಪಂ. ಎಸ್.ಮಂಜುನಾಥ್ ಅವಿರೋಧವಾಗಿ ಆಯ್ಕೆಯಾದರು. ಗ್ರಾಮ ಪಂಚಾಯಿತಿ ಸದಸ್ಯರು ಅಧ್ಯಕ್ಷರು ಹಾಗೂ ಸಿಬ್ಬಂದಿ ವರ್ಗ ಅವರನ್ನು ಅಭಿನಂದಿಸಿದರು. ಈ ಸಂದರ್ಭದಲ್ಲಿ ಮುಖಂಡರು ಶಿಕ್ಷಕರು ಗ್ರಾಮಸ್ಥರು ಭಾಗವಹಿಸಿದ್ದರು.

ಬಯಲುಸೀಮೆ ಕ್ಷೇತ್ರದ ಅರಕೆರೆ ಗ್ರಾಮ ಪಂಚಾಯಿತಿ ಉಪಾಧ್ಯಕ್ಷರಾಗಿ ಸಂದರ್ಭಕ್ಕೆ ನೂತನ ಗ್ರಾಮ ಪಂ. ಎಸ್.ಮಂಜುನಾಥ್ ಅವಿರೋಧವಾಗಿ ಆಯ್ಕೆಯಾದರು. ಗ್ರಾಮ ಪಂಚಾಯಿತಿ ಸದಸ್ಯರು ಅಧ್ಯಕ್ಷರು ಹಾಗೂ ಸಿಬ್ಬಂದಿ ವರ್ಗ ಅವರನ್ನು ಅಭಿನಂದಿಸಿದರು. ಈ ಸಂದರ್ಭದಲ್ಲಿ ಮುಖಂಡರು ಶಿಕ್ಷಕರು ಗ್ರಾಮಸ್ಥರು ಭಾಗವಹಿಸಿದ್ದರು.

ಬಯಲುಸೀಮೆ ಕ್ಷೇತ್ರದ ಅರಕೆರೆ ಗ್ರಾಮ ಪಂಚಾಯಿತಿ ಉಪಾಧ್ಯಕ್ಷರಾಗಿ ಸಂದರ್ಭಕ್ಕೆ ನೂತನ ಗ್ರಾಮ ಪಂ. ಎಸ್.ಮಂಜುನಾಥ್ ಅವಿರೋಧವಾಗಿ ಆಯ್ಕೆಯಾದರು. ಗ್ರಾಮ ಪಂಚಾಯಿತಿ ಸದಸ್ಯರು ಅಧ್ಯಕ್ಷರು ಹಾಗೂ ಸಿಬ್ಬಂದಿ

ಬಯಲುಸೀಮೆ ಕ್ಷೇತ್ರದ ಅರಕೆರೆ ಗ್ರಾಮ ಪಂಚಾಯಿತಿ ಉಪಾಧ್ಯಕ್ಷರಾಗಿ ಸಂದರ್ಭಕ್ಕೆ ನೂತನ ಗ್ರಾಮ ಪಂ. ಎಸ್.ಮಂಜುನಾಥ್ ಅವಿರೋಧವಾಗಿ ಆಯ್ಕೆಯಾದರು. ಗ್ರಾಮ ಪಂಚಾಯಿತಿ ಸದಸ್ಯರು ಅಧ್ಯಕ್ಷರು ಹಾಗೂ ಸಿಬ್ಬಂದಿ ವರ್ಗ ಅವರನ್ನು ಅಭಿನಂದಿಸಿದರು. ಈ ಸಂದರ್ಭದಲ್ಲಿ ಮುಖಂಡರು ಶಿಕ್ಷಕರು ಗ್ರಾಮಸ್ಥರು ಭಾಗವಹಿಸಿದ್ದರು.

ಬಯಲುಸೀಮೆ ಕ್ಷೇತ್ರದ ಅರಕೆರೆ ಗ್ರಾಮ ಪಂಚಾಯಿತಿ ಉಪಾಧ್ಯಕ್ಷರಾಗಿ ಸಂದರ್ಭಕ್ಕೆ ನೂತನ ಗ್ರಾಮ ಪಂ. ಎಸ್.ಮಂಜುನಾಥ್ ಅವಿರೋಧವಾಗಿ ಆಯ್ಕೆಯಾದರು. ಗ್ರಾಮ ಪಂಚಾಯಿತಿ ಸದಸ್ಯರು ಅಧ್ಯಕ್ಷರು ಹಾಗೂ ಸಿಬ್ಬಂದಿ ವರ್ಗ ಅವರನ್ನು ಅಭಿನಂದಿಸಿದರು. ಈ ಸಂದರ್ಭದಲ್ಲಿ ಮುಖಂಡರು ಶಿಕ್ಷಕರು ಗ್ರಾಮಸ್ಥರು ಭಾಗವಹಿಸಿದ್ದರು.

ಬಯಲುಸೀಮೆ ಕ್ಷೇತ್ರದ ಅರಕೆರೆ ಗ್ರಾಮ ಪಂಚಾಯಿತಿ ಉಪಾಧ್ಯಕ್ಷರಾಗಿ ಸಂದರ್ಭಕ್ಕೆ ನೂತನ ಗ್ರಾಮ ಪಂ. ಎಸ್.ಮಂಜುನಾಥ್ ಅವಿರೋಧವಾಗಿ ಆಯ್ಕೆಯಾದರು. ಗ್ರಾಮ ಪಂಚಾಯಿತಿ ಸದಸ್ಯರು ಅಧ್ಯಕ್ಷರು ಹಾಗೂ ಸಿಬ್ಬಂದಿ ವರ್ಗ ಅವರನ್ನು ಅಭಿನಂದಿಸಿದರು. ಈ ಸಂದರ್ಭದಲ್ಲಿ ಮುಖಂಡರು ಶಿಕ್ಷಕರು ಗ್ರಾಮಸ್ಥರು ಭಾಗವಹಿಸಿದ್ದರು.

ಬಯಲುಸೀಮೆ ಕ್ಷೇತ್ರದ ಅರಕೆರೆ ಗ್ರಾಮ ಪಂಚಾಯಿತಿ ಉಪಾಧ್ಯಕ್ಷರಾಗಿ ಸಂದರ್ಭಕ್ಕೆ ನೂತನ ಗ್ರಾಮ ಪಂ. ಎಸ್.ಮಂಜುನಾಥ್ ಅವಿರೋಧವಾಗಿ ಆಯ್ಕೆಯಾದರು. ಗ್ರಾಮ ಪಂಚಾಯಿತಿ ಸದಸ್ಯರು ಅಧ್ಯಕ್ಷರು ಹಾಗೂ ಸಿಬ್ಬಂದಿ ವರ್ಗ ಅವರನ್ನು ಅಭಿನಂದಿಸಿದರು. ಈ ಸಂದರ್ಭದಲ್ಲಿ ಮುಖಂಡರು ಶಿಕ್ಷಕರು ಗ್ರಾಮಸ್ಥರು ಭಾಗವಹಿಸಿದ್ದರು.

ಬಯಲುಸೀಮೆ ಕ್ಷೇತ್ರದ ಅರಕೆರೆ ಗ್ರಾಮ ಪಂಚಾಯಿತಿ ಉಪಾಧ್ಯಕ್ಷರಾಗಿ ಸಂದರ್ಭಕ್ಕೆ ನೂತನ ಗ್ರಾಮ ಪಂ. ಎಸ್.ಮಂಜುನಾಥ್ ಅವಿರೋಧವಾಗಿ ಆಯ್ಕೆಯಾದರು. ಗ್ರಾಮ ಪಂಚಾಯಿತಿ ಸದಸ್ಯರು ಅಧ್ಯಕ್ಷರು ಹಾಗೂ ಸಿಬ್ಬಂದಿ ವರ್ಗ ಅವರನ್ನು ಅಭಿನಂದಿಸಿದರು. ಈ ಸಂದರ್ಭದಲ್ಲಿ ಮುಖಂಡರು ಶಿಕ್ಷಕರು ಗ್ರಾಮಸ್ಥರು ಭಾಗವಹಿಸಿದ್ದರು.

ಬಯಲುಸೀಮೆ ಕ್ಷೇತ್ರದ ಅರಕೆರೆ ಗ್ರಾಮ ಪಂಚಾಯಿತಿ ಉಪಾಧ್ಯಕ್ಷರಾಗಿ ಸಂದರ್ಭಕ್ಕೆ ನೂತನ ಗ್ರಾಮ ಪಂ. ಎಸ್.ಮಂಜುನಾಥ್ ಅವಿರೋಧವಾಗಿ ಆಯ್ಕೆಯಾದರು. ಗ್ರಾಮ ಪಂಚಾಯಿತಿ ಸದಸ್ಯರು ಅಧ್ಯಕ್ಷರು ಹಾಗೂ ಸಿಬ್ಬಂದಿ ವರ್ಗ ಅವರನ್ನು ಅಭಿನಂದಿಸಿದರು. ಈ ಸಂದರ್ಭದಲ್ಲಿ ಮುಖಂಡರು ಶಿಕ್ಷಕರು ಗ್ರಾಮಸ್ಥರು ಭಾಗವಹಿಸಿದ್ದರು.

ಕುವೆಂಪು ವಿಶ್ವಮಾನವ ಪ್ರಶಸ್ತಿ–2025
ಬನವಾಸಿ ಕ್ಷೇತ್ರ ವಾಣಿಜ್ಯ ಕಾಲೇಜು ಮತ್ತು ವಿಜ್ಞಾನ ಮಹಾವಿದ್ಯಾಲಯ ರಾಜಾನುಸಾರ ಬೆಂಗಳೂರು
ಕನ್ನಡ ಸಂಘದ ಸಂಚಾಲಕರು ಶ್ರೀರಿಕಾಂತ್ ಹೆಚ್.ಹೆಚ್ ಅವರಿಗೆ ಗೌರವ ಸನ್ಮಾನ

ಬಯಲುಸೀಮೆ ಕ್ಷೇತ್ರದ ಅರಕೆರೆ ಗ್ರಾಮ ಪಂಚಾಯಿತಿ ಉಪಾಧ್ಯಕ್ಷರಾಗಿ ಸಂದರ್ಭಕ್ಕೆ ನೂತನ ಗ್ರಾಮ ಪಂ. ಎಸ್.ಮಂಜುನಾಥ್ ಅವಿರೋಧವಾಗಿ ಆಯ್ಕೆಯಾದರು. ಗ್ರಾಮ ಪಂಚಾಯಿತಿ ಸದಸ್ಯರು ಅಧ್ಯಕ್ಷರು ಹಾಗೂ ಸಿಬ್ಬಂದಿ ವರ್ಗ ಅವರನ್ನು ಅಭಿನಂದಿಸಿದರು. ಈ ಸಂದರ್ಭದಲ್ಲಿ ಮುಖಂಡರು ಶಿಕ್ಷಕರು ಗ್ರಾಮಸ್ಥರು ಭಾಗವಹಿಸಿದ್ದರು.

ಬಯಲುಸೀಮೆ ಕ್ಷೇತ್ರದ ಅರಕೆರೆ ಗ್ರಾಮ ಪಂಚಾಯಿತಿ ಉಪಾಧ್ಯಕ್ಷರಾಗಿ ಸಂದರ್ಭಕ್ಕೆ ನೂತನ ಗ್ರಾಮ ಪಂ. ಎಸ್.ಮಂಜುನಾಥ್ ಅವಿರೋಧವಾಗಿ ಆಯ್ಕೆಯಾದರು. ಗ್ರಾಮ ಪಂಚಾಯಿತಿ ಸದಸ್ಯರು ಅಧ್ಯಕ್ಷರು ಹಾಗೂ ಸಿಬ್ಬಂದಿ ವರ್ಗ ಅವರನ್ನು ಅಭಿನಂದಿಸಿದರು. ಈ ಸಂದರ್ಭದಲ್ಲಿ ಮುಖಂಡರು ಶಿಕ್ಷಕರು ಗ್ರಾಮಸ್ಥರು ಭಾಗವಹಿಸಿದ್ದರು.

ಬಯಲುಸೀಮೆ ಕ್ಷೇತ್ರದ ಅರಕೆರೆ ಗ್ರಾಮ ಪಂಚಾಯಿತಿ ಉಪಾಧ್ಯಕ್ಷರಾಗಿ ಸಂದರ್ಭಕ್ಕೆ ನೂತನ ಗ್ರಾಮ ಪಂ. ಎಸ್.ಮಂಜುನಾಥ್ ಅವಿರೋಧವಾಗಿ ಆಯ್ಕೆಯಾದರು. ಗ್ರಾಮ ಪಂಚಾಯಿತಿ ಸದಸ್ಯರು ಅಧ್ಯಕ್ಷರು ಹಾಗೂ ಸಿಬ್ಬಂದಿ ವರ್ಗ ಅವರನ್ನು ಅಭಿನಂದಿಸಿದರು. ಈ ಸಂದರ್ಭದಲ್ಲಿ ಮುಖಂಡರು ಶಿಕ್ಷಕರು ಗ್ರಾಮಸ್ಥರು ಭಾಗವಹಿಸಿದ್ದರು.

ಬಯಲುಸೀಮೆ ಕ್ಷೇತ್ರದ ಅರಕೆರೆ ಗ್ರಾಮ ಪಂಚಾಯಿತಿ ಉಪಾಧ್ಯಕ್ಷರಾಗಿ ಸಂದರ್ಭಕ್ಕೆ ನೂತನ ಗ್ರಾಮ ಪಂ. ಎಸ್.ಮಂಜುನಾಥ್ ಅವಿರೋಧವಾಗಿ ಆಯ್ಕೆಯಾದರು. ಗ್ರಾಮ ಪಂಚಾಯಿತಿ ಸದಸ್ಯರು ಅಧ್ಯಕ್ಷರು ಹಾಗೂ ಸಿಬ್ಬಂದಿ ವರ್ಗ ಅವರನ್ನು ಅಭಿನಂದಿಸಿದರು. ಈ ಸಂದರ್ಭದಲ್ಲಿ ಮುಖಂಡರು ಶಿಕ್ಷಕರು ಗ್ರಾಮಸ್ಥರು ಭಾಗವಹಿಸಿದ್ದರು.

ಬಯಲುಸೀಮೆ ಕ್ಷೇತ್ರದ ಅರಕೆರೆ ಗ್ರಾಮ ಪಂಚಾಯಿತಿ ಉಪಾಧ್ಯಕ್ಷರಾಗಿ ಸಂದರ್ಭಕ್ಕೆ ನೂತನ ಗ್ರಾಮ ಪಂ. ಎಸ್.ಮಂಜುನಾಥ್ ಅವಿರೋಧವಾಗಿ ಆಯ್ಕೆಯಾದರು. ಗ್ರಾಮ ಪಂಚಾಯಿತಿ ಸದಸ್ಯರು ಅಧ್ಯಕ್ಷರು ಹಾಗೂ ಸಿಬ್ಬಂದಿ ವರ್ಗ ಅವರನ್ನು ಅಭಿನಂದಿಸಿದರು. ಈ ಸಂದರ್ಭದಲ್ಲಿ ಮುಖಂಡರು ಶಿಕ್ಷಕರು ಗ್ರಾಮಸ್ಥರು ಭಾಗವಹಿಸಿದ್ದರು.

ಶ್ರೀ ಕ್ಷೇತ್ರ ಯಡಿಯೂರ ವೀರಭದ್ರೇಶ್ವರ ಜಾತ್ರೆ
ಜ.28 ರಿಂದ ಹೆಚ್ಚುವರಿ ಬಸ್ ಕಾರ್ಯಾಚರಣೆ

ಬಯಲುಸೀಮೆ ಕ್ಷೇತ್ರದ ಅರಕೆರೆ ಗ್ರಾಮ ಪಂಚಾಯಿತಿ ಉಪಾಧ್ಯಕ್ಷರಾಗಿ ಸಂದರ್ಭಕ್ಕೆ ನೂತನ ಗ್ರಾಮ ಪಂ. ಎಸ್.ಮಂಜುನಾಥ್ ಅವಿರೋಧವಾಗಿ ಆಯ್ಕೆಯಾದರು. ಗ್ರಾಮ ಪಂಚಾಯಿತಿ ಸದಸ್ಯರು ಅಧ್ಯಕ್ಷರು ಹಾಗೂ ಸಿಬ್ಬಂದಿ ವರ್ಗ ಅವರನ್ನು ಅಭಿನಂದಿಸಿದರು. ಈ ಸಂದರ್ಭದಲ್ಲಿ ಮುಖಂಡರು ಶಿಕ್ಷಕರು ಗ್ರಾಮಸ್ಥರು ಭಾಗವಹಿಸಿದ್ದರು.

ಬಯಲುಸೀಮೆ ಕ್ಷೇತ್ರದ ಅರಕೆರೆ ಗ್ರಾಮ ಪಂಚಾಯಿತಿ ಉಪಾಧ್ಯಕ್ಷರಾಗಿ ಸಂದರ್ಭಕ್ಕೆ ನೂತನ ಗ್ರಾಮ ಪಂ. ಎಸ್.ಮಂಜುನಾಥ್ ಅವಿರೋಧವಾಗಿ ಆಯ್ಕೆಯಾದರು. ಗ್ರಾಮ ಪಂಚಾಯಿತಿ ಸದಸ್ಯರು ಅಧ್ಯಕ್ಷರು ಹಾಗೂ ಸಿಬ್ಬಂದಿ ವರ್ಗ ಅವರನ್ನು ಅಭಿನಂದಿಸಿದರು. ಈ ಸಂದರ್ಭದಲ್ಲಿ ಮುಖಂಡರು ಶಿಕ್ಷಕರು ಗ್ರಾಮಸ್ಥರು ಭಾಗವಹಿಸಿದ್ದರು.

ಬಯಲುಸೀಮೆ ಕ್ಷೇತ್ರದ ಅರಕೆರೆ ಗ್ರಾಮ ಪಂಚಾಯಿತಿ ಉಪಾಧ್ಯಕ್ಷರಾಗಿ ಸಂದರ್ಭಕ್ಕೆ ನೂತನ ಗ್ರಾಮ ಪಂ. ಎಸ್.ಮಂಜುನಾಥ್ ಅವಿರೋಧವಾಗಿ ಆಯ್ಕೆಯಾದರು. ಗ್ರಾಮ ಪಂಚಾಯಿತಿ ಸದಸ್ಯರು ಅಧ್ಯಕ್ಷರು ಹಾಗೂ ಸಿಬ್ಬಂದಿ ವರ್ಗ ಅವರನ್ನು ಅಭಿನಂದಿಸಿದರು. ಈ ಸಂದರ್ಭದಲ್ಲಿ ಮುಖಂಡರು ಶಿಕ್ಷಕರು ಗ್ರಾಮಸ್ಥರು ಭಾಗವಹಿಸಿದ್ದರು.

ಬಯಲುಸೀಮೆ ಕ್ಷೇತ್ರದ ಅರಕೆರೆ ಗ್ರಾಮ ಪಂಚಾಯಿತಿ ಉಪಾಧ್ಯಕ್ಷರಾಗಿ ಸಂದರ್ಭಕ್ಕೆ ನೂತನ ಗ್ರಾಮ ಪಂ. ಎಸ್.ಮಂಜುನಾಥ್ ಅವಿರೋಧವಾಗಿ ಆಯ್ಕೆಯಾದರು. ಗ್ರಾಮ ಪಂಚಾಯಿತಿ ಸದಸ್ಯರು ಅಧ್ಯಕ್ಷರು ಹಾಗೂ ಸಿಬ್ಬಂದಿ ವರ್ಗ ಅವರನ್ನು ಅಭಿನಂದಿಸಿದರು. ಈ ಸಂದರ್ಭದಲ್ಲಿ ಮುಖಂಡರು ಶಿಕ್ಷಕರು ಗ್ರಾಮಸ್ಥರು ಭಾಗವಹಿಸಿದ್ದರು.

ಜ.18 ರಂದು ಗ್ರಾಹಕರ
ಸಂವಾದ ಸಭೆ

ಬಯಲುಸೀಮೆ ಕ್ಷೇತ್ರದ ಅರಕೆರೆ ಗ್ರಾಮ ಪಂಚಾಯಿತಿ ಉಪಾಧ್ಯಕ್ಷರಾಗಿ ಸಂದರ್ಭಕ್ಕೆ ನೂತನ ಗ್ರಾಮ ಪಂ. ಎಸ್.ಮಂಜುನಾಥ್ ಅವಿರೋಧವಾಗಿ ಆಯ್ಕೆಯಾದರು. ಗ್ರಾಮ ಪಂಚಾಯಿತಿ ಸದಸ್ಯರು ಅಧ್ಯಕ್ಷರು ಹಾಗೂ ಸಿಬ್ಬಂದಿ ವರ್ಗ ಅವರನ್ನು ಅಭಿನಂದಿಸಿದರು. ಈ ಸಂದರ್ಭದಲ್ಲಿ ಮುಖಂಡರು ಶಿಕ್ಷಕರು ಗ್ರಾಮಸ್ಥರು ಭಾಗವಹಿಸಿದ್ದರು.

ಬಯಲುಸೀಮೆ ಕ್ಷೇತ್ರದ ಅರಕೆರೆ ಗ್ರಾಮ ಪಂಚಾಯಿತಿ ಉಪಾಧ್ಯಕ್ಷರಾಗಿ ಸಂದರ್ಭಕ್ಕೆ ನೂತನ ಗ್ರಾಮ ಪಂ. ಎಸ್.ಮಂಜುನಾಥ್ ಅವಿರೋಧವಾಗಿ ಆಯ್ಕೆಯಾದರು. ಗ್ರಾಮ ಪಂಚಾಯಿತಿ ಸದಸ್ಯರು ಅಧ್ಯಕ್ಷರು ಹಾಗೂ ಸಿಬ್ಬಂದಿ ವರ್ಗ ಅವರನ್ನು ಅಭಿನಂದಿಸಿದರು. ಈ ಸಂದರ್ಭದಲ್ಲಿ ಮುಖಂಡರು ಶಿಕ್ಷಕರು ಗ್ರಾಮಸ್ಥರು ಭಾಗವಹಿಸಿದ್ದರು.

ಬಯಲುಸೀಮೆ ಕ್ಷೇತ್ರದ ಅರಕೆರೆ ಗ್ರಾಮ ಪಂಚಾಯಿತಿ ಉಪಾಧ್ಯಕ್ಷರಾಗಿ ಸಂದರ್ಭಕ್ಕೆ ನೂತನ ಗ್ರಾಮ ಪಂ. ಎಸ್.ಮಂಜುನಾಥ್ ಅವಿರೋಧವಾಗಿ ಆಯ್ಕೆಯಾದರು. ಗ್ರಾಮ ಪಂಚಾಯಿತಿ ಸದಸ್ಯರು ಅಧ್ಯಕ್ಷರು ಹಾಗೂ ಸಿಬ್ಬಂದಿ ವರ್ಗ ಅವರನ್ನು ಅಭಿನಂದಿಸಿದರು. ಈ ಸಂದರ್ಭದಲ್ಲಿ ಮುಖಂಡರು ಶಿಕ್ಷಕರು ಗ್ರಾಮಸ್ಥರು ಭಾಗವಹಿಸಿದ್ದರು.

ಬಯಲುಸೀಮೆ ಕ್ಷೇತ್ರದ ಅರಕೆರೆ ಗ್ರಾಮ ಪಂಚಾಯಿತಿ ಉಪಾಧ್ಯಕ್ಷರಾಗಿ ಸಂದರ್ಭಕ್ಕೆ ನೂತನ ಗ್ರಾಮ ಪಂ. ಎಸ್.ಮಂಜುನಾಥ್ ಅವಿರೋಧವಾಗಿ ಆಯ್ಕೆಯಾದರು. ಗ್ರಾಮ ಪಂಚಾಯಿತಿ ಸದಸ್ಯರು ಅಧ್ಯಕ್ಷರು ಹಾಗೂ ಸಿಬ್ಬಂದಿ ವರ್ಗ ಅವರನ್ನು ಅಭಿನಂದಿಸಿದರು. ಈ ಸಂದರ್ಭದಲ್ಲಿ ಮುಖಂಡರು ಶಿಕ್ಷಕರು ಗ್ರಾಮಸ್ಥರು ಭಾಗವಹಿಸಿದ್ದರು.
